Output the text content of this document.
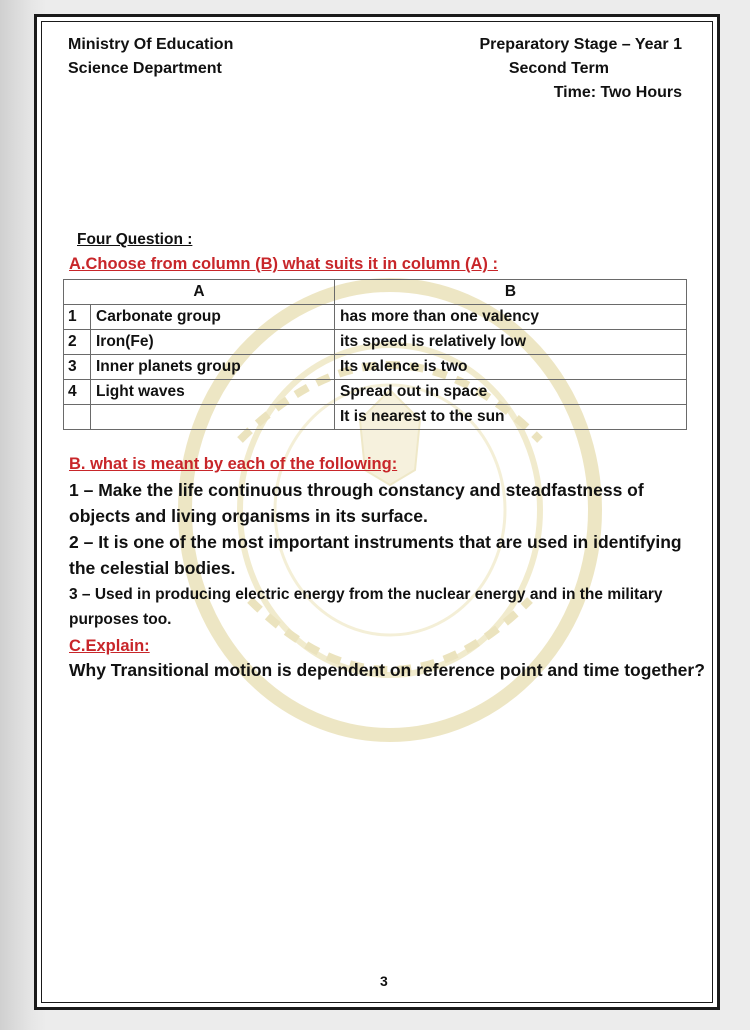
Ministry Of Education
Science Department
Preparatory Stage – Year 1
Second Term
Time: Two Hours
Four Question :
A.Choose from column (B) what suits it in column (A) :
A		B
1	Carbonate group	has more than one valency
2	Iron(Fe)	its speed is relatively low
3	Inner planets group	Its valence is two
4	Light waves	Spread out in space
		It is nearest to the sun
B. what is meant by each of the following:
1 – Make the life continuous through constancy and steadfastness of objects and living organisms in its surface.
2 – It is one of the most important instruments that are used in identifying the celestial bodies.
3 – Used in producing electric energy from the nuclear energy and in the military purposes too.
C.Explain:
Why Transitional motion is dependent on reference point and time together?
3
